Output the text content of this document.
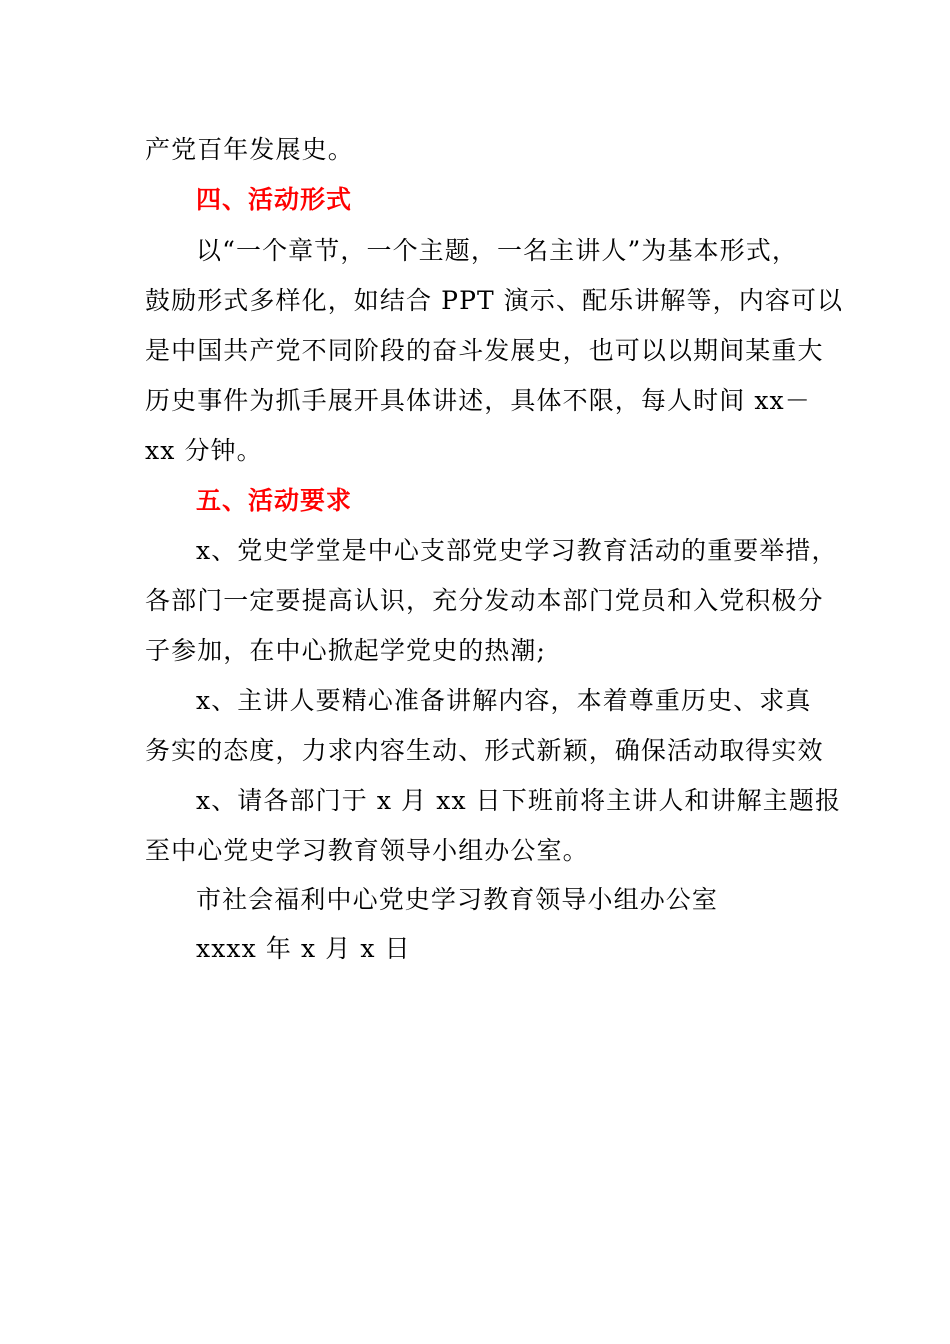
产党百年发展史。
四、活动形式
以“一个章节，一个主题，一名主讲人”为基本形式，
鼓励形式多样化，如结合 PPT 演示、配乐讲解等，内容可以
是中国共产党不同阶段的奋斗发展史，也可以以期间某重大
历史事件为抓手展开具体讲述，具体不限，每人时间 xx－
xx 分钟。
五、活动要求
x、党史学堂是中心支部党史学习教育活动的重要举措，
各部门一定要提高认识，充分发动本部门党员和入党积极分
子参加，在中心掀起学党史的热潮;
x、主讲人要精心准备讲解内容，本着尊重历史、求真
务实的态度，力求内容生动、形式新颖，确保活动取得实效
x、请各部门于 x 月 xx 日下班前将主讲人和讲解主题报
至中心党史学习教育领导小组办公室。
市社会福利中心党史学习教育领导小组办公室
xxxx 年 x 月 x 日
